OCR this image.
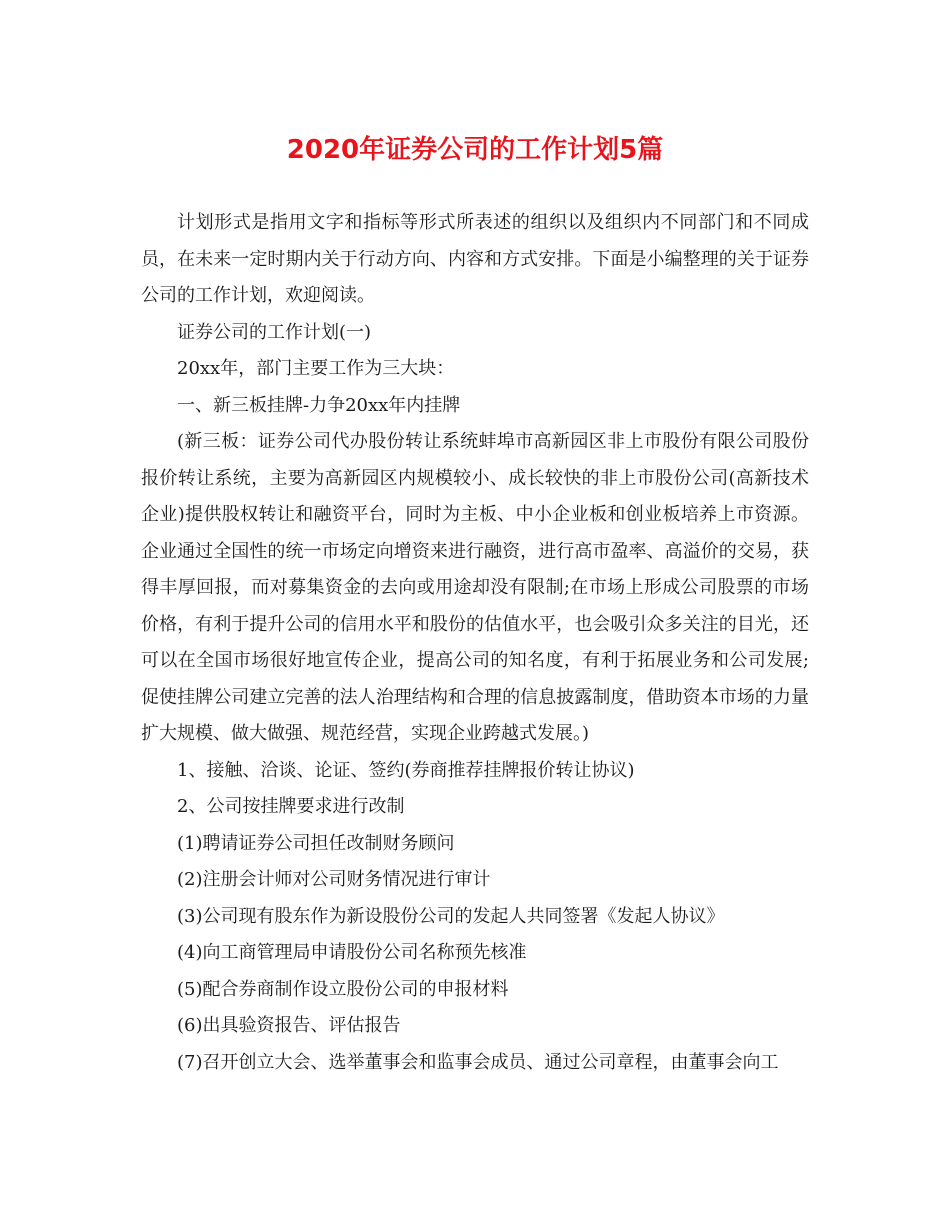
2020年证券公司的工作计划5篇

计划形式是指用文字和指标等形式所表述的组织以及组织内不同部门和不同成员，在未来一定时期内关于行动方向、内容和方式安排。下面是小编整理的关于证券公司的工作计划，欢迎阅读。

证券公司的工作计划(一)

20xx年，部门主要工作为三大块：

一、新三板挂牌-力争20xx年内挂牌

(新三板：证券公司代办股份转让系统蚌埠市高新园区非上市股份有限公司股份报价转让系统，主要为高新园区内规模较小、成长较快的非上市股份公司(高新技术企业)提供股权转让和融资平台，同时为主板、中小企业板和创业板培养上市资源。企业通过全国性的统一市场定向增资来进行融资，进行高市盈率、高溢价的交易，获得丰厚回报，而对募集资金的去向或用途却没有限制;在市场上形成公司股票的市场价格，有利于提升公司的信用水平和股份的估值水平，也会吸引众多关注的目光，还可以在全国市场很好地宣传企业，提高公司的知名度，有利于拓展业务和公司发展;促使挂牌公司建立完善的法人治理结构和合理的信息披露制度，借助资本市场的力量扩大规模、做大做强、规范经营，实现企业跨越式发展。)

1、接触、洽谈、论证、签约(券商推荐挂牌报价转让协议)

2、公司按挂牌要求进行改制

(1)聘请证券公司担任改制财务顾问

(2)注册会计师对公司财务情况进行审计

(3)公司现有股东作为新设股份公司的发起人共同签署《发起人协议》

(4)向工商管理局申请股份公司名称预先核准

(5)配合券商制作设立股份公司的申报材料

(6)出具验资报告、评估报告

(7)召开创立大会、选举董事会和监事会成员、通过公司章程，由董事会向工
